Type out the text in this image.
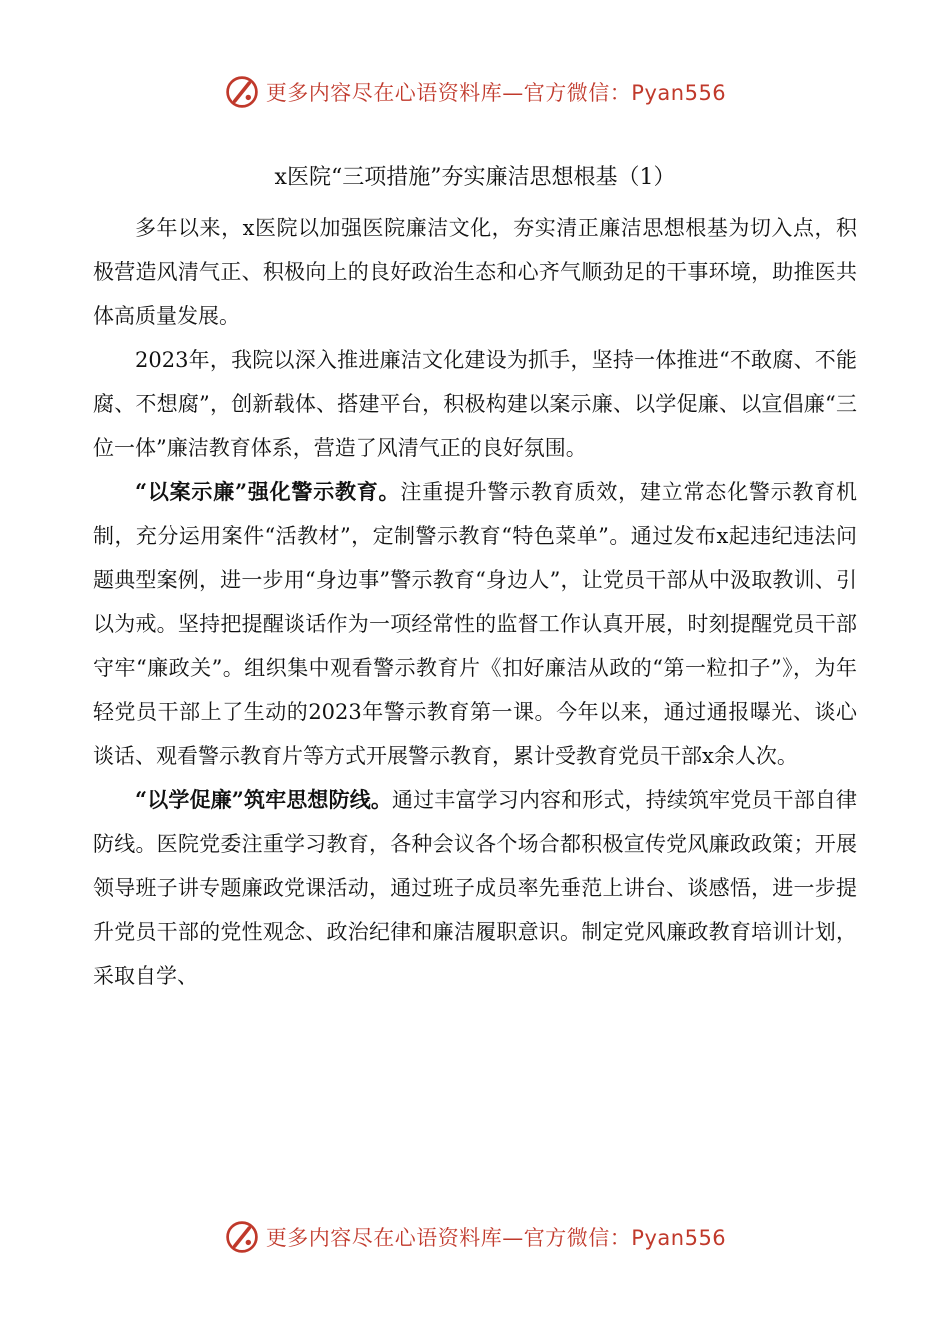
更多内容尽在心语资料库—官方微信：Pyan556
x医院“三项措施”夯实廉洁思想根基（1）

多年以来，x医院以加强医院廉洁文化，夯实清正廉洁思想根基为切入点，积极营造风清气正、积极向上的良好政治生态和心齐气顺劲足的干事环境，助推医共体高质量发展。

2023年，我院以深入推进廉洁文化建设为抓手，坚持一体推进“不敢腐、不能腐、不想腐”，创新载体、搭建平台，积极构建以案示廉、以学促廉、以宣倡廉“三位一体”廉洁教育体系，营造了风清气正的良好氛围。

“以案示廉”强化警示教育。注重提升警示教育质效，建立常态化警示教育机制，充分运用案件“活教材”，定制警示教育“特色菜单”。通过发布x起违纪违法问题典型案例，进一步用“身边事”警示教育“身边人”，让党员干部从中汲取教训、引以为戒。坚持把提醒谈话作为一项经常性的监督工作认真开展，时刻提醒党员干部守牢“廉政关”。组织集中观看警示教育片《扣好廉洁从政的“第一粒扣子”》，为年轻党员干部上了生动的2023年警示教育第一课。今年以来，通过通报曝光、谈心谈话、观看警示教育片等方式开展警示教育，累计受教育党员干部x余人次。

“以学促廉”筑牢思想防线。通过丰富学习内容和形式，持续筑牢党员干部自律防线。医院党委注重学习教育，各种会议各个场合都积极宣传党风廉政政策；开展领导班子讲专题廉政党课活动，通过班子成员率先垂范上讲台、谈感悟，进一步提升党员干部的党性观念、政治纪律和廉洁履职意识。制定党风廉政教育培训计划，采取自学、

更多内容尽在心语资料库—官方微信：Pyan556
